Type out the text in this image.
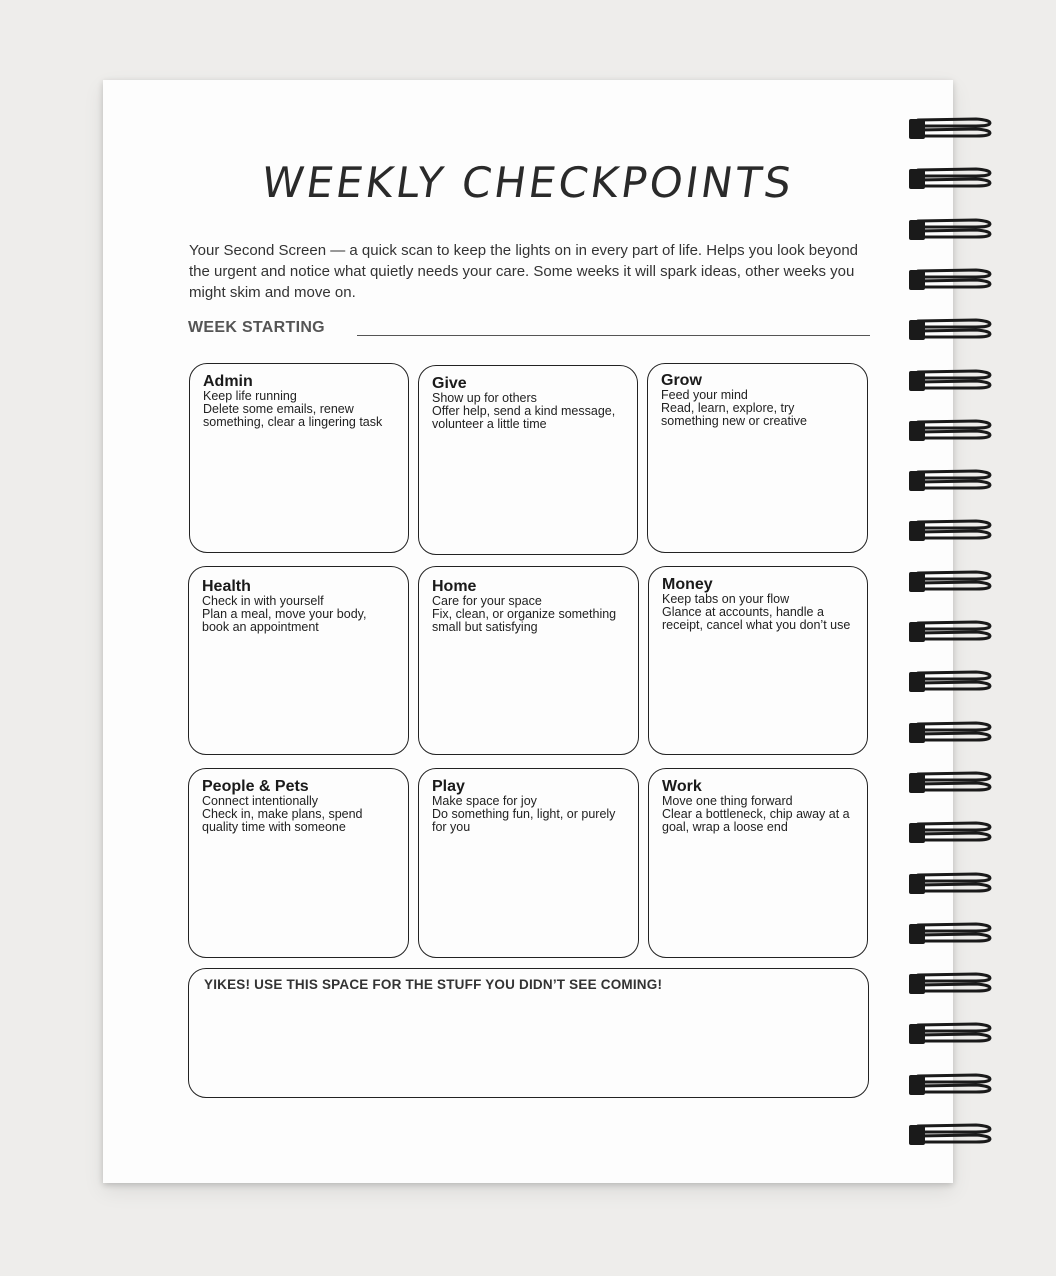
WEEKLY CHECKPOINTS

Your Second Screen — a quick scan to keep the lights on in every part of life. Helps you look beyond the urgent and notice what quietly needs your care. Some weeks it will spark ideas, other weeks you might skim and move on.

WEEK STARTING
Admin
Keep life running
Delete some emails, renew something, clear a lingering task
Give
Show up for others
Offer help, send a kind message, volunteer a little time
Grow
Feed your mind
Read, learn, explore, try something new or creative
Health
Check in with yourself
Plan a meal, move your body, book an appointment
Home
Care for your space
Fix, clean, or organize something small but satisfying
Money
Keep tabs on your flow
Glance at accounts, handle a receipt, cancel what you don’t use
People & Pets
Connect intentionally
Check in, make plans, spend quality time with someone
Play
Make space for joy
Do something fun, light, or purely for you
Work
Move one thing forward
Clear a bottleneck, chip away at a goal, wrap a loose end
YIKES! USE THIS SPACE FOR THE STUFF YOU DIDN’T SEE COMING!
